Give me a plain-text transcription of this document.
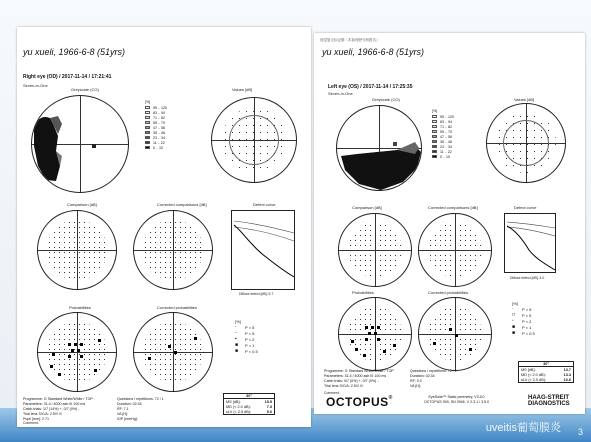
yu xueli, 1966-6-8 (51yrs)
Right eye (OD) / 2017-11-14 / 17:21:41
Seven-in-One
Greyscale (CO)	Values [dB]
[%]
95 .. 120
83 .. 94
71 .. 82
59 .. 70
47 .. 58
35 .. 46
23 .. 34
11 .. 22
0 .. 10
Comparison [dB]	Corrected comparisons [dB]	Defect curve
Diffuse defect [dB]: 5.7
Probabilities	Corrected probabilities
[%]
·	P > 5
-	P < 5
▪	P < 2
■	P < 1
■	P < 0.5
Programme: G Standard White/White / TOP
Parameters: 31.4 / 4000 asb III 100 ms
Catch trials: 1/7 (14%) +, 0/7 (0%) -
Trial lens S/C/A: 2.5/// ///
Pupil [mm]: 2.71
Questions / repetitions: 72 / 1
Duration: 02:34
RF: 7.1
VA [H]:
IOP [mmHg]:
30°
MS [dB]:	15.5
MD (< 2.0 dB):	7.3
sLV (< 2.5 dB):	5.6
Comment:
视觉复元标记图（术前视野分析报告）
yu xueli, 1966-6-8 (51yrs)
Left eye (OS) / 2017-11-14 / 17:25:35
Seven-in-One
Greyscale (CO)	Values [dB]
[%]
95 .. 120
83 .. 94
71 .. 82
59 .. 70
47 .. 58
35 .. 46
23 .. 34
11 .. 22
0 .. 10
Comparison [dB]	Corrected comparisons [dB]	Defect curve
Diffuse defect [dB]: 4.0
Probabilities	Corrected probabilities
[%]
·	P > 5
□	P < 5
▫	P < 2
■	P < 1
■	P < 0.5
Programme: G Standard White/White / TOP
Parameters: 31.4 / 4000 asb III 100 ms
Catch trials: 0/7 (0%) +, 0/7 (0%) -
Trial lens S/C/A: 2.5/// ///
Questions / repetitions: 72 / 1
Duration: 02:34
RF: 0.0
VA [H]:
30°
MS [dB]:	13.7
MD (< 2.0 dB):	13.3
sLV (< 2.5 dB):	10.6
Comment:
OCTOPUS®	EyeSuite™ Static perimetry, V3.5.0
OCTOPUS 900, SN 2946, V 2.3.1 / 3.5.0
HAAG-STREIT
DIAGNOSTICS
uveitis葡萄膜炎 3
